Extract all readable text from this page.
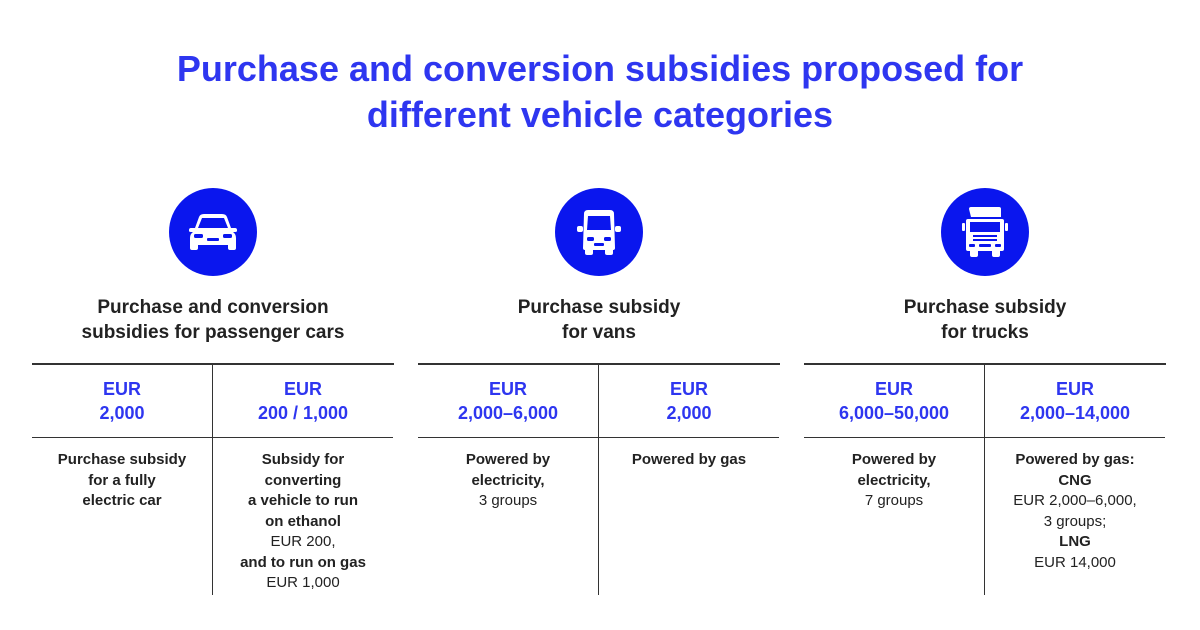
Purchase and conversion subsidies proposed for
different vehicle categories
Purchase and conversion
subsidies for passenger cars
EUR
2,000
Purchase subsidy
for a fully
electric car
EUR
200 / 1,000
Subsidy for
converting
a vehicle to run
on ethanol
EUR 200,
and to run on gas
EUR 1,000
Purchase subsidy
for vans
EUR
2,000–6,000
Powered by
electricity,
3 groups
EUR
2,000
Powered by gas
Purchase subsidy
for trucks
EUR
6,000–50,000
Powered by
electricity,
7 groups
EUR
2,000–14,000
Powered by gas:
CNG
EUR 2,000–6,000,
3 groups;
LNG
EUR 14,000
